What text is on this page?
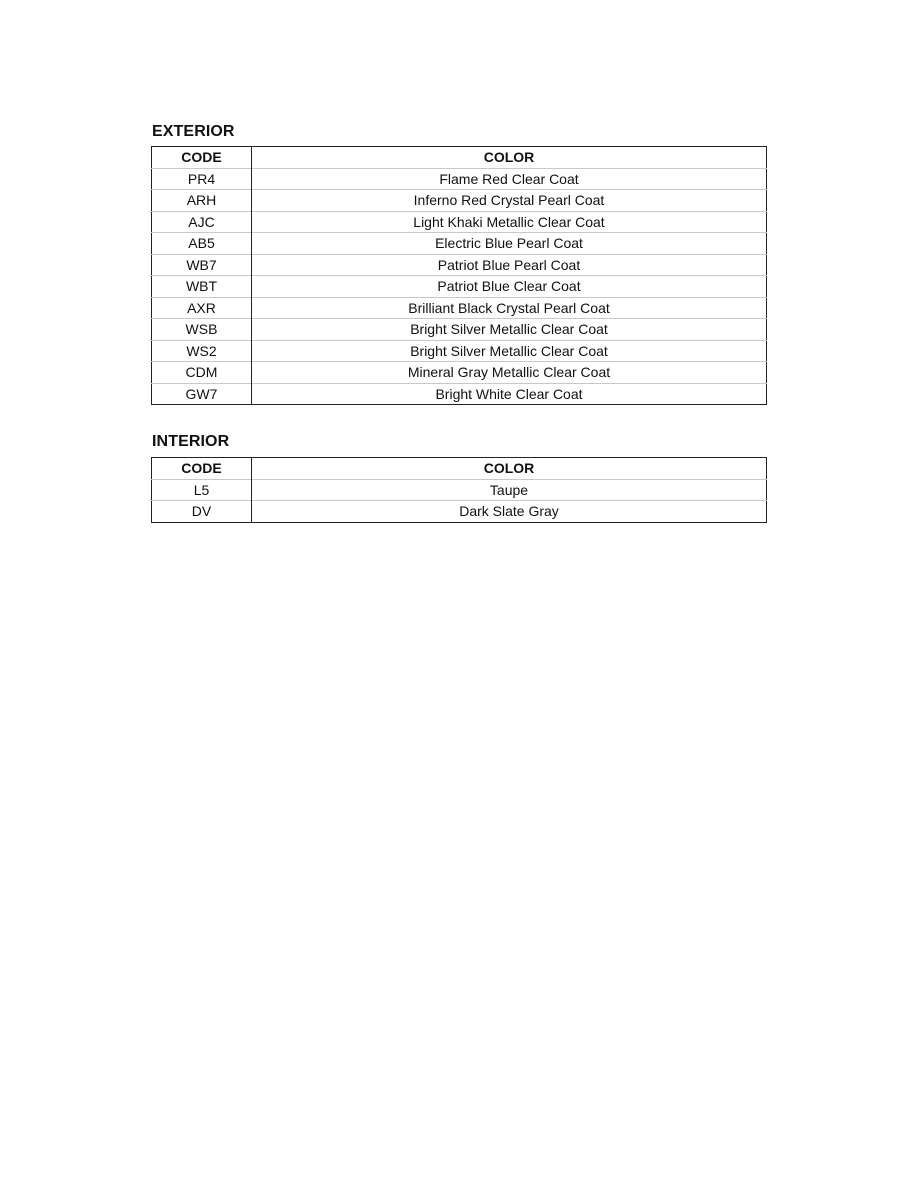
EXTERIOR
CODE	COLOR
PR4	Flame Red Clear Coat
ARH	Inferno Red Crystal Pearl Coat
AJC	Light Khaki Metallic Clear Coat
AB5	Electric Blue Pearl Coat
WB7	Patriot Blue Pearl Coat
WBT	Patriot Blue Clear Coat
AXR	Brilliant Black Crystal Pearl Coat
WSB	Bright Silver Metallic Clear Coat
WS2	Bright Silver Metallic Clear Coat
CDM	Mineral Gray Metallic Clear Coat
GW7	Bright White Clear Coat
INTERIOR
CODE	COLOR
L5	Taupe
DV	Dark Slate Gray
